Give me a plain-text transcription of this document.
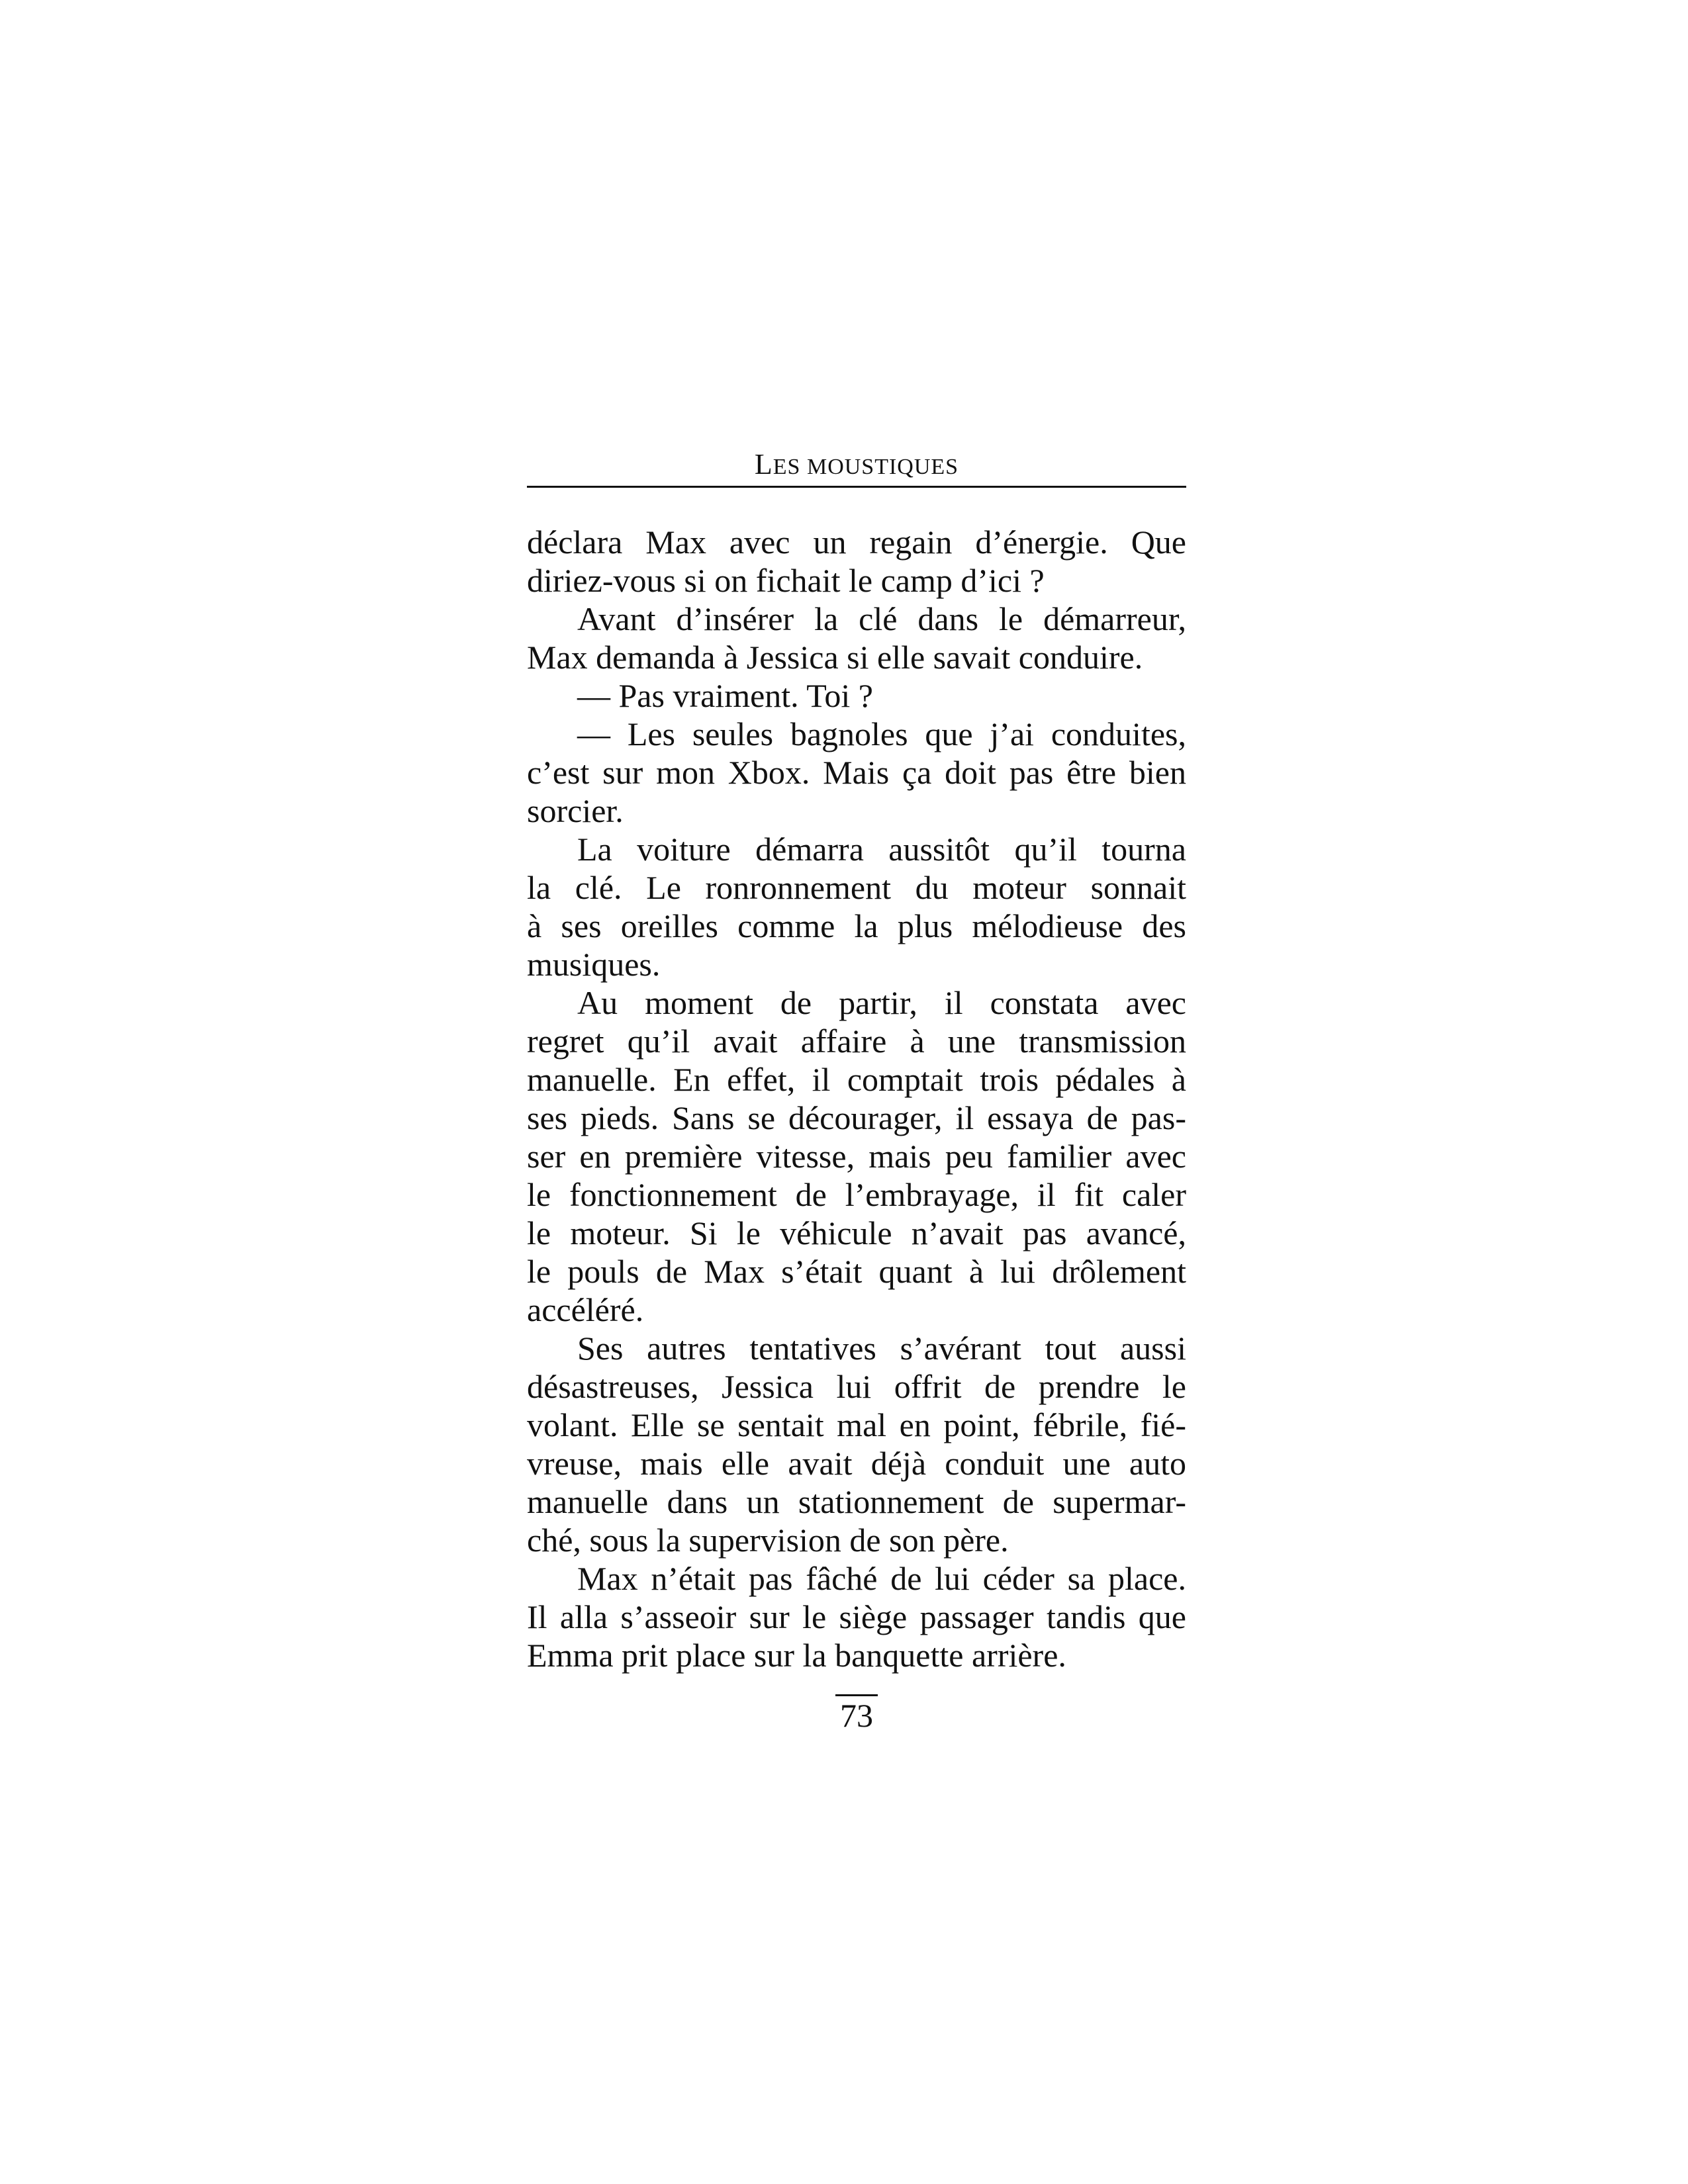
LES MOUSTIQUES
déclara Max avec un regain d’énergie. Que
diriez-vous si on fichait le camp d’ici ?
Avant d’insérer la clé dans le démarreur,
Max demanda à Jessica si elle savait conduire.
— Pas vraiment. Toi ?
— Les seules bagnoles que j’ai conduites,
c’est sur mon Xbox. Mais ça doit pas être bien
sorcier.
La voiture démarra aussitôt qu’il tourna
la clé. Le ronronnement du moteur sonnait
à ses oreilles comme la plus mélodieuse des
musiques.
Au moment de partir, il constata avec
regret qu’il avait affaire à une transmission
manuelle. En effet, il comptait trois pédales à
ses pieds. Sans se décourager, il essaya de pas-
ser en première vitesse, mais peu familier avec
le fonctionnement de l’embrayage, il fit caler
le moteur. Si le véhicule n’avait pas avancé,
le pouls de Max s’était quant à lui drôlement
accéléré.
Ses autres tentatives s’avérant tout aussi
désastreuses, Jessica lui offrit de prendre le
volant. Elle se sentait mal en point, fébrile, fié-
vreuse, mais elle avait déjà conduit une auto
manuelle dans un stationnement de supermar-
ché, sous la supervision de son père.
Max n’était pas fâché de lui céder sa place.
Il alla s’asseoir sur le siège passager tandis que
Emma prit place sur la banquette arrière.
73
